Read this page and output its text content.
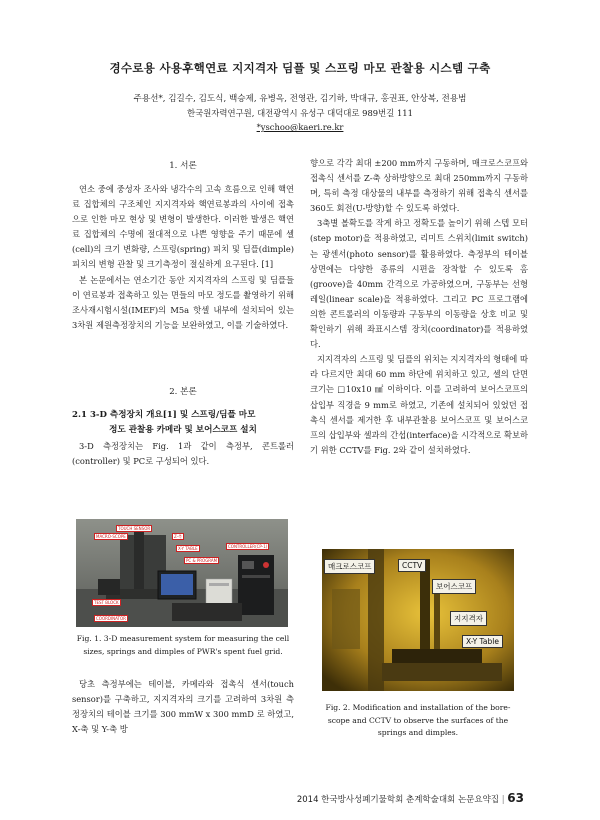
경수로용 사용후핵연료 지지격자 딤플 및 스프링 마모 관찰용 시스템 구축
주용선*, 김길수, 김도식, 백승제, 유병옥, 전영관, 김기하, 박대규, 홍권표, 안상복, 전용범
한국원자력연구원, 대전광역시 유성구 대덕대로 989번길 111
*yschoo@kaeri.re.kr
1. 서론

연소 중에 중성자 조사와 냉각수의 고속 흐름으로 인해 핵연료 집합체의 구조체인 지지격자와 핵연료봉과의 사이에 접촉으로 인한 마모 현상 및 변형이 발생한다. 이러한 발생은 핵연료 집합체의 수명에 절대적으로 나쁜 영향을 주기 때문에 셀(cell)의 크기 변화량, 스프링(spring) 피치 및 딤플(dimple) 피치의 변형 관찰 및 크기측정이 절실하게 요구된다. [1]

본 논문에서는 연소기간 동안 지지격자의 스프링 및 딤플들이 연료봉과 접촉하고 있는 면들의 마모 정도를 촬영하기 위해 조사재시험시설(IMEF)의 M5a 핫셀 내부에 설치되어 있는 3차원 제원측정장치의 기능을 보완하였고, 이를 기술하였다.

2. 본론
2.1 3-D 측정장치 개요[1] 및 스프링/딤플 마모
정도 관찰용 카메라 및 보어스코프 설치

3-D 측정장치는 Fig. 1과 같이 측정부, 콘트롤러(controller) 및 PC로 구성되어 있다.

TOUCH SENSOR
MACRO-SCOPE	Z-축
X-Y TABLE	CONTROLLER(CP-1)
PC & PROGRAM
TEST BLOCK
COORDINATOR
Fig. 1. 3-D measurement system for measuring the cell sizes, springs and dimples of PWR's spent fuel grid.

당초 측정부에는 테이블, 카메라와 접촉식 센서(touch sensor)를 구축하고, 지지격자의 크기를 고려하여 3차원 측정장치의 테이블 크기를 300 mmW x 300 mmD 로 하였고, X-축 및 Y-축 방

향으로 각각 최대 ±200 mm까지 구동하며, 매크로스코프와 접촉식 센서를 Z-축 상하방향으로 최대 250mm까지 구동하며, 특히 측정 대상물의 내부를 측정하기 위해 접촉식 센서를 360도 회전(U-방향)할 수 있도록 하였다.

3축별 볼확도를 작게 하고 정확도를 높이기 위해 스텝 모터(step motor)을 적용하였고, 리미트 스위치(limit switch)는 광센서(photo sensor)를 활용하였다. 측정부의 테이블 상면에는 다양한 종류의 시편을 장착할 수 있도록 홈(groove)을 40mm 간격으로 가공하였으며, 구동부는 선형레일(linear scale)을 적용하였다. 그리고 PC 프로그램에 의한 콘트롤러의 이동량과 구동부의 이동량을 상호 비교 및 확인하기 위해 좌표시스템 장치(coordinator)를 적용하였다.

지지격자의 스프링 및 딤플의 위치는 지지격자의 형태에 따라 다르지만 최대 60 mm 하단에 위치하고 있고, 셀의 단면크기는 □10x10 ㎟ 이하이다. 이를 고려하여 보어스코프의 삽입부 직경을 9 mm로 하였고, 기존에 설치되어 있었던 접촉식 센서를 제거한 후 내부관찰용 보어스코프 및 보어스코프의 삽입부와 셀과의 간섭(interface)을 시각적으로 확보하기 위한 CCTV를 Fig. 2와 같이 설치하였다.

매크로스코프	CCTV
보어스코프
지지격자
X-Y Table
Fig. 2. Modification and installation of the bore-scope and CCTV to observe the surfaces of the springs and dimples.
2014 한국방사성폐기물학회 춘계학술대회 논문요약집 | 63
